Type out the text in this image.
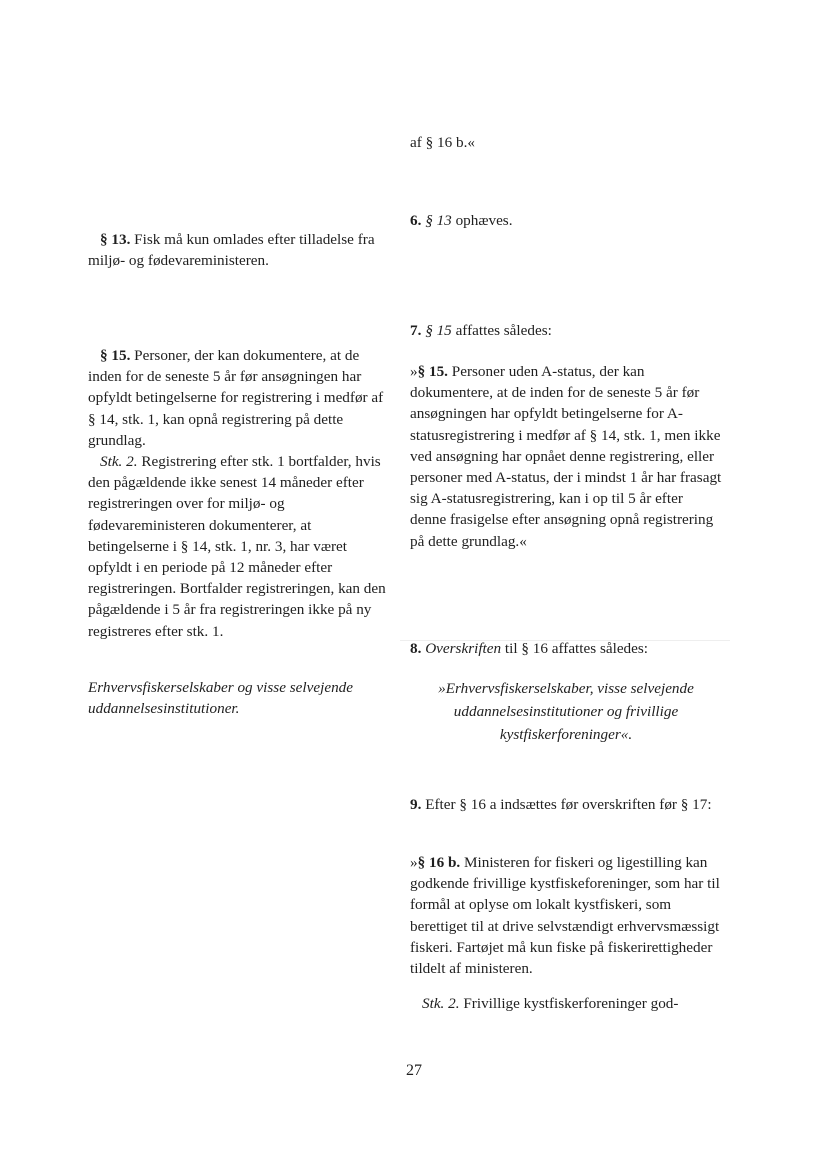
af § 16 b.«

6. § 13 ophæves.

§ 13. Fisk må kun omlades efter tilladelse fra miljø- og fødevareministeren.

7. § 15 affattes således:

§ 15. Personer, der kan dokumentere, at de inden for de seneste 5 år før ansøgningen har opfyldt betingelserne for registrering i medfør af § 14, stk. 1, kan opnå registrering på dette grundlag.

Stk. 2. Registrering efter stk. 1 bortfalder, hvis den pågældende ikke senest 14 måneder efter registreringen over for miljø- og fødevareministeren dokumenterer, at betingelserne i § 14, stk. 1, nr. 3, har været opfyldt i en periode på 12 måneder efter registreringen. Bortfalder registreringen, kan den pågældende i 5 år fra registreringen ikke på ny registreres efter stk. 1.

»§ 15. Personer uden A-status, der kan dokumentere, at de inden for de seneste 5 år før ansøgningen har opfyldt betingelserne for A-statusregistrering i medfør af § 14, stk. 1, men ikke ved ansøgning har opnået denne registrering, eller personer med A-status, der i mindst 1 år har frasagt sig A-statusregistrering, kan i op til 5 år efter denne frasigelse efter ansøgning opnå registrering på dette grundlag.«

8. Overskriften til § 16 affattes således:

Erhvervsfiskerselskaber og visse selvejende uddannelsesinstitutioner.

»Erhvervsfiskerselskaber, visse selvejende uddannelsesinstitutioner og frivillige kystfiskerforeninger«.

9. Efter § 16 a indsættes før overskriften før § 17:

»§ 16 b. Ministeren for fiskeri og ligestilling kan godkende frivillige kystfiskeforeninger, som har til formål at oplyse om lokalt kystfiskeri, som berettiget til at drive selvstændigt erhvervsmæssigt fiskeri. Fartøjet må kun fiske på fiskerirettigheder tildelt af ministeren.

Stk. 2. Frivillige kystfiskerforeninger god-

27
